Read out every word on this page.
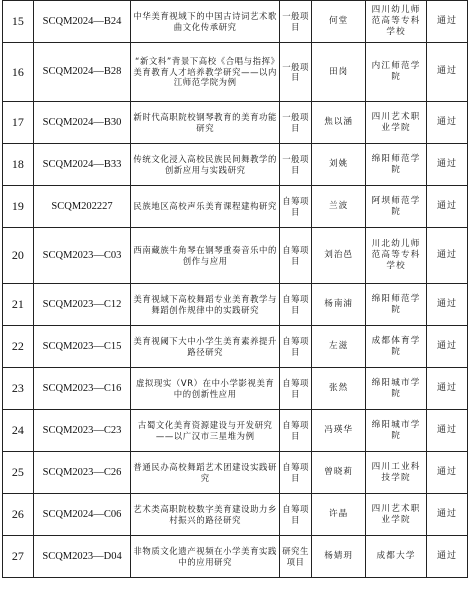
15	SCQM2024—B24	中华美育视域下的中国古诗词艺术歌曲文化传承研究	一般项目	何堂	四川幼儿师范高等专科学校	通过
16	SCQM2024—B28	“新文科”背景下高校《合唱与指挥》美育教育人才培养教学研究——以内江师范学院为例	一般项目	田岗	内江师范学院	通过
17	SCQM2024—B30	新时代高职院校钢琴教育的美育功能研究	一般项目	焦以涵	四川艺术职业学院	通过
18	SCQM2024—B33	传统文化浸入高校民族民间舞教学的创新应用与实践研究	一般项目	刘姚	绵阳师范学院	通过
19	SCQM202227	民族地区高校声乐美育课程建构研究	自筹项目	兰波	阿坝师范学院	通过
20	SCQM2023—C03	西南藏族牛角琴在钢琴重奏音乐中的创作与应用	自筹项目	刘治邑	川北幼儿师范高等专科学校	通过
21	SCQM2023—C12	美育视域下高校舞蹈专业美育教学与舞蹈创作规律中的实践研究	自筹项目	杨南浦	绵阳师范学院	通过
22	SCQM2023—C15	美育视阈下大中小学生美育素养提升路径研究	自筹项目	左滋	成都体育学院	通过
23	SCQM2023—C16	虚拟现实（VR）在中小学影视美育中的创新性应用	自筹项目	张然	绵阳城市学院	通过
24	SCQM2023—C23	古蜀文化美育资源建设与开发研究——以广汉市三星堆为例	自筹项目	冯瑛华	绵阳城市学院	通过
25	SCQM2023—C26	普通民办高校舞蹈艺术团建设实践研究	自筹项目	曾晓莉	四川工业科技学院	通过
26	SCQM2024—C06	艺术类高职院校数字美育建设助力乡村振兴的路径研究	自筹项目	许晶	四川艺术职业学院	通过
27	SCQM2023—D04	非物质文化遗产视频在小学美育实践中的应用研究	研究生项目	杨婧玥	成都大学	通过
